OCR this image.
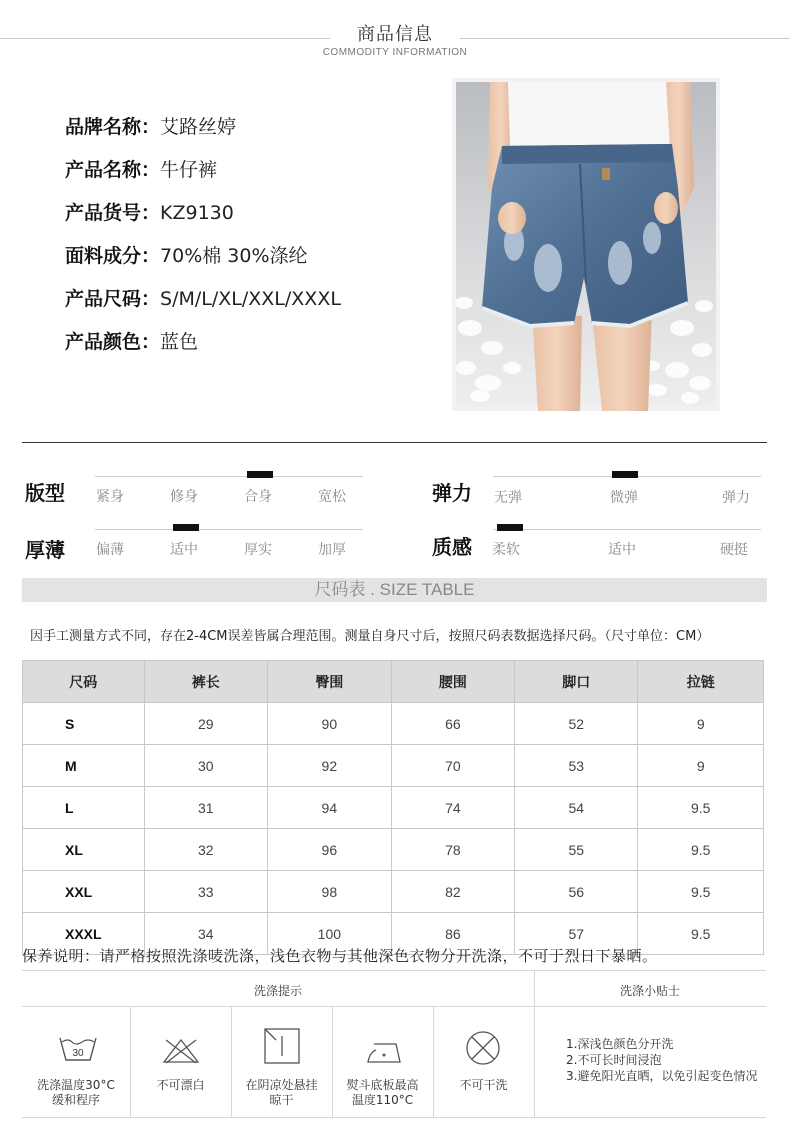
商品信息
COMMODITY INFORMATION
品牌名称：艾路丝婷
产品名称：牛仔裤
产品货号：KZ9130
面料成分：70%棉 30%涤纶
产品尺码：S/M/L/XL/XXL/XXXL
产品颜色：蓝色
版型 紧身	修身	合身	宽松	弹力 无弹	微弹	弹力
厚薄 偏薄	适中	厚实	加厚	质感 柔软	适中	硬挺
尺码表 . SIZE TABLE
因手工测量方式不同，存在2-4CM误差皆属合理范围。测量自身尺寸后，按照尺码表数据选择尺码。（尺寸单位：CM）
尺码	裤长	臀围	腰围	脚口	拉链
S	29	90	66	52	9
M	30	92	70	53	9
L	31	94	74	54	9.5
XL	32	96	78	55	9.5
XXL	33	98	82	56	9.5
XXXL	34	100	86	57	9.5
保养说明：请严格按照洗涤唛洗涤，浅色衣物与其他深色衣物分开洗涤，不可于烈日下暴晒。
洗涤提示	洗涤小贴士
30
洗涤温度30°C
缓和程序
不可漂白	在阴凉处悬挂
晾干
熨斗底板最高
温度110°C
不可干洗
1.深浅色颜色分开洗
2.不可长时间浸泡
3.避免阳光直晒，以免引起变色情况
